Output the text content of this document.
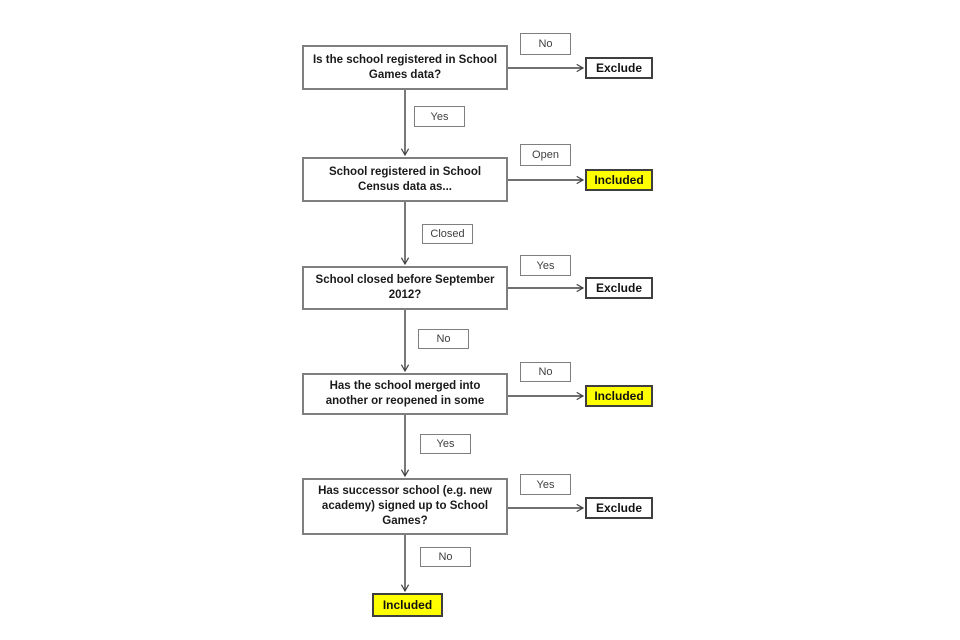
Is the school registered in School Games data?
No
Exclude
Yes
School registered in School Census data as...
Open
Included
Closed
School closed before September 2012?
Yes
Exclude
No
Has the school merged into another or reopened in some
No
Included
Yes
Has successor school (e.g. new academy) signed up to School Games?
Yes
Exclude
No
Included
